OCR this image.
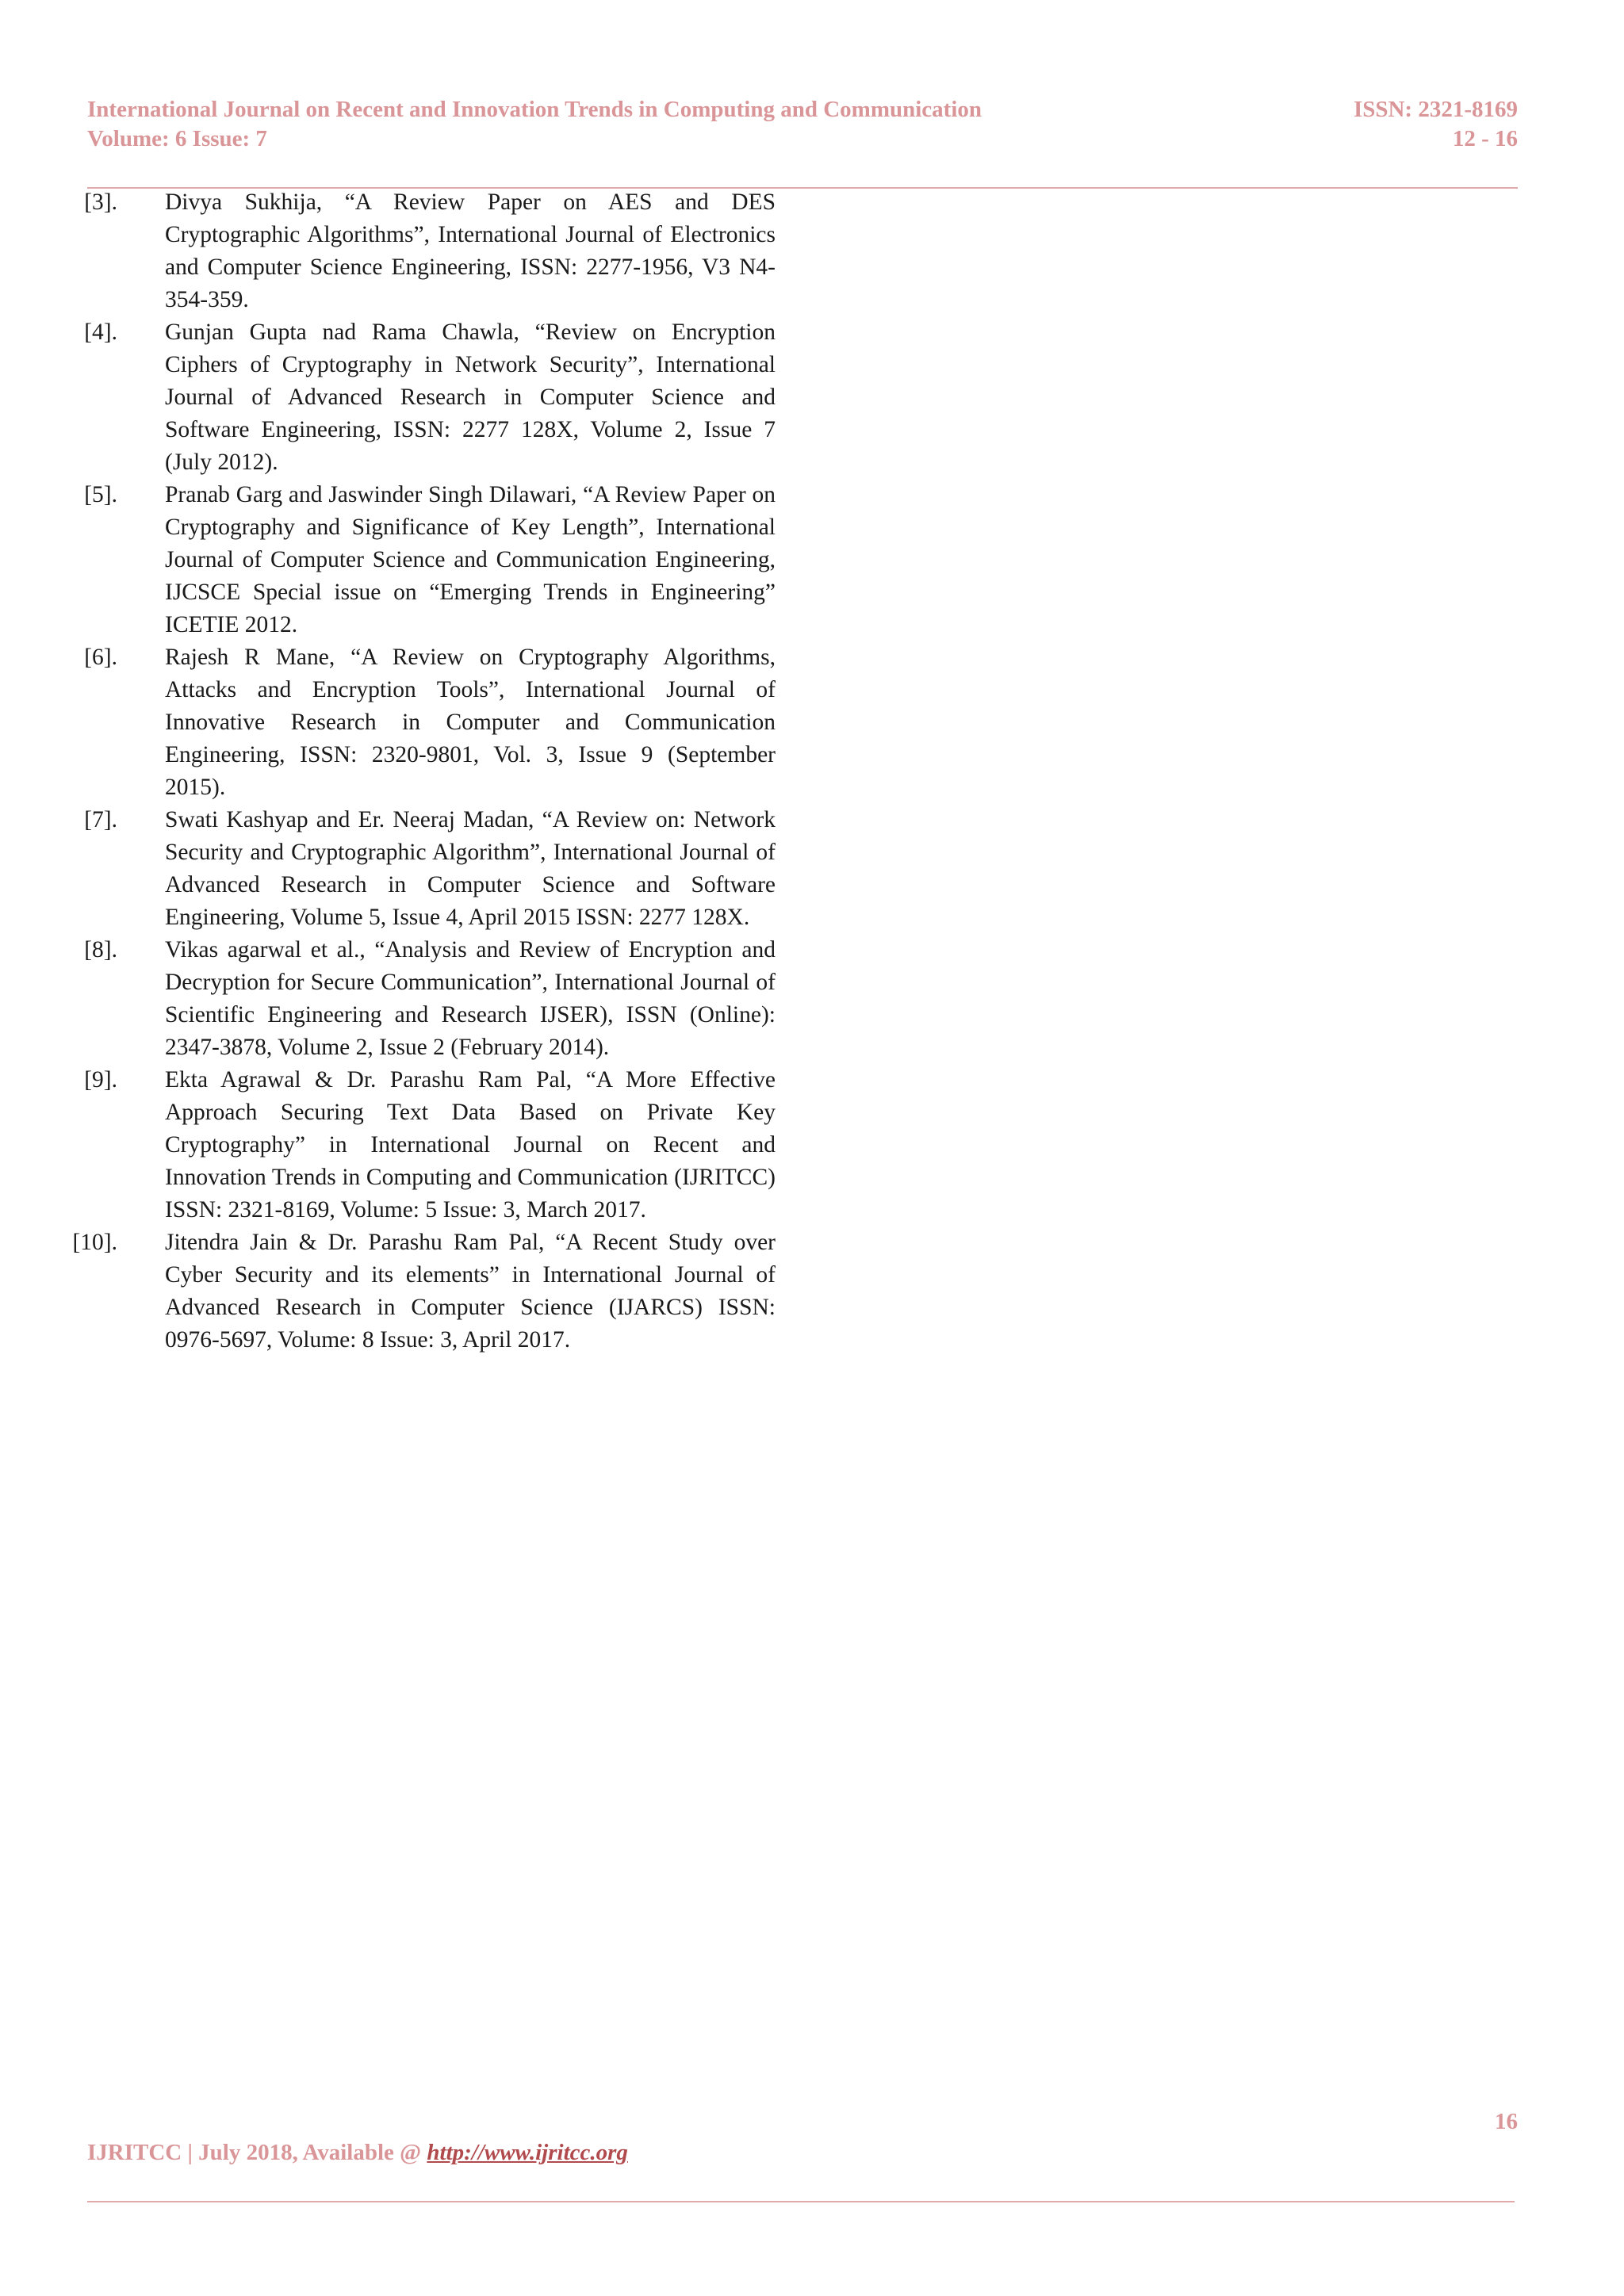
International Journal on Recent and Innovation Trends in Computing and Communication	ISSN: 2321-8169
Volume: 6 Issue: 7	12 - 16
[3].	Divya Sukhija, “A Review Paper on AES and DES Cryptographic Algorithms”, International Journal of Electronics and Computer Science Engineering, ISSN: 2277-1956, V3 N4-354-359.
[4].	Gunjan Gupta nad Rama Chawla, “Review on Encryption Ciphers of Cryptography in Network Security”, International Journal of Advanced Research in Computer Science and Software Engineering, ISSN: 2277 128X, Volume 2, Issue 7 (July 2012).
[5].	Pranab Garg and Jaswinder Singh Dilawari, “A Review Paper on Cryptography and Significance of Key Length”, International Journal of Computer Science and Communication Engineering, IJCSCE Special issue on “Emerging Trends in Engineering” ICETIE 2012.
[6].	Rajesh R Mane, “A Review on Cryptography Algorithms, Attacks and Encryption Tools”, International Journal of Innovative Research in Computer and Communication Engineering, ISSN: 2320-9801, Vol. 3, Issue 9 (September 2015).
[7].	Swati Kashyap and Er. Neeraj Madan, “A Review on: Network Security and Cryptographic Algorithm”, International Journal of Advanced Research in Computer Science and Software Engineering, Volume 5, Issue 4, April 2015 ISSN: 2277 128X.
[8].	Vikas agarwal et al., “Analysis and Review of Encryption and Decryption for Secure Communication”, International Journal of Scientific Engineering and Research IJSER), ISSN (Online): 2347-3878, Volume 2, Issue 2 (February 2014).
[9].	Ekta Agrawal & Dr. Parashu Ram Pal, “A More Effective Approach Securing Text Data Based on Private Key Cryptography” in International Journal on Recent and Innovation Trends in Computing and Communication (IJRITCC) ISSN: 2321-8169, Volume: 5 Issue: 3, March 2017.
[10].	Jitendra Jain & Dr. Parashu Ram Pal, “A Recent Study over Cyber Security and its elements” in International Journal of Advanced Research in Computer Science (IJARCS) ISSN: 0976-5697, Volume: 8 Issue: 3, April 2017.
16
IJRITCC | July 2018, Available @ http://www.ijritcc.org
